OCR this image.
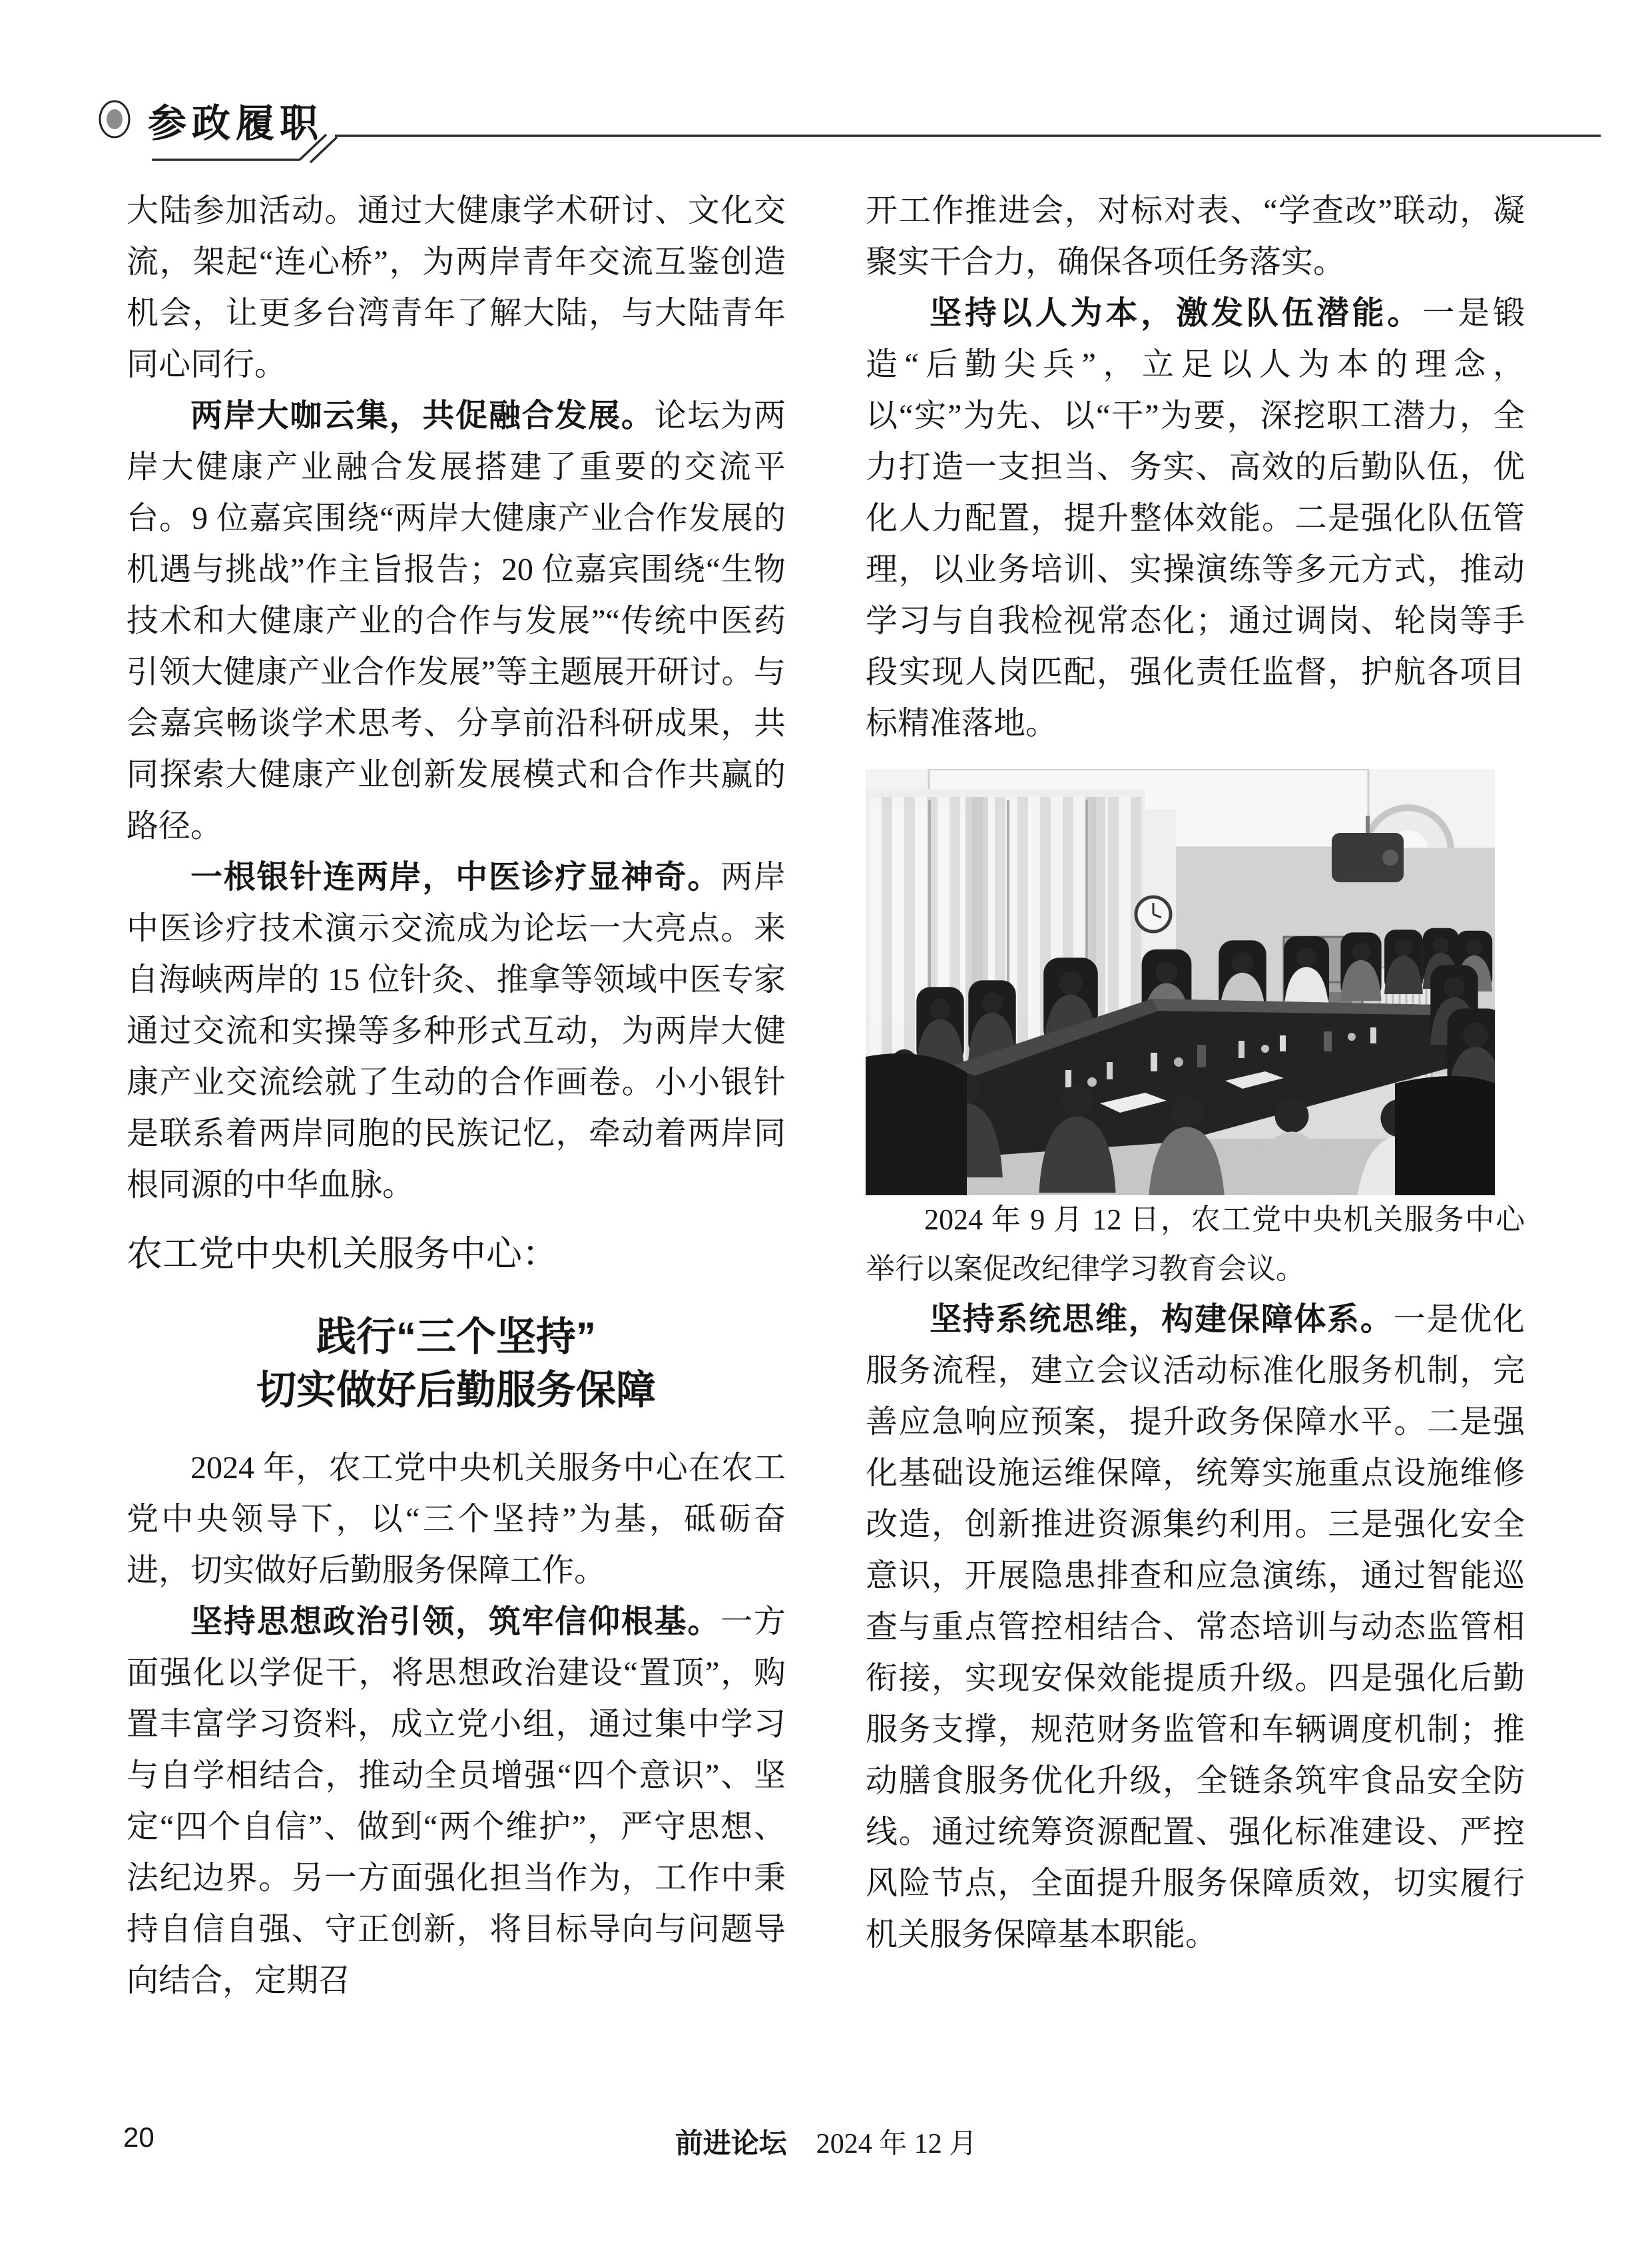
参政履职

大陆参加活动。通过大健康学术研讨、文化交流，架起“连心桥”，为两岸青年交流互鉴创造机会，让更多台湾青年了解大陆，与大陆青年同心同行。

两岸大咖云集，共促融合发展。论坛为两岸大健康产业融合发展搭建了重要的交流平台。9 位嘉宾围绕“两岸大健康产业合作发展的机遇与挑战”作主旨报告；20 位嘉宾围绕“生物技术和大健康产业的合作与发展”“传统中医药引领大健康产业合作发展”等主题展开研讨。与会嘉宾畅谈学术思考、分享前沿科研成果，共同探索大健康产业创新发展模式和合作共赢的路径。

一根银针连两岸，中医诊疗显神奇。两岸中医诊疗技术演示交流成为论坛一大亮点。来自海峡两岸的 15 位针灸、推拿等领域中医专家通过交流和实操等多种形式互动，为两岸大健康产业交流绘就了生动的合作画卷。小小银针是联系着两岸同胞的民族记忆，牵动着两岸同根同源的中华血脉。

农工党中央机关服务中心：
践行“三个坚持”
切实做好后勤服务保障

2024 年，农工党中央机关服务中心在农工党中央领导下，以“三个坚持”为基，砥砺奋进，切实做好后勤服务保障工作。

坚持思想政治引领，筑牢信仰根基。一方面强化以学促干，将思想政治建设“置顶”，购置丰富学习资料，成立党小组，通过集中学习与自学相结合，推动全员增强“四个意识”、坚定“四个自信”、做到“两个维护”，严守思想、法纪边界。另一方面强化担当作为，工作中秉持自信自强、守正创新，将目标导向与问题导向结合，定期召

开工作推进会，对标对表、“学查改”联动，凝聚实干合力，确保各项任务落实。

坚持以人为本，激发队伍潜能。一是锻造“后勤尖兵”，立足以人为本的理念，以“实”为先、以“干”为要，深挖职工潜力，全力打造一支担当、务实、高效的后勤队伍，优化人力配置，提升整体效能。二是强化队伍管理，以业务培训、实操演练等多元方式，推动学习与自我检视常态化；通过调岗、轮岗等手段实现人岗匹配，强化责任监督，护航各项目标精准落地。

2024 年 9 月 12 日，农工党中央机关服务中心举行以案促改纪律学习教育会议。

坚持系统思维，构建保障体系。一是优化服务流程，建立会议活动标准化服务机制，完善应急响应预案，提升政务保障水平。二是强化基础设施运维保障，统筹实施重点设施维修改造，创新推进资源集约利用。三是强化安全意识，开展隐患排查和应急演练，通过智能巡查与重点管控相结合、常态培训与动态监管相衔接，实现安保效能提质升级。四是强化后勤服务支撑，规范财务监管和车辆调度机制；推动膳食服务优化升级，全链条筑牢食品安全防线。通过统筹资源配置、强化标准建设、严控风险节点，全面提升服务保障质效，切实履行机关服务保障基本职能。

20	前进论坛 2024 年 12 月
